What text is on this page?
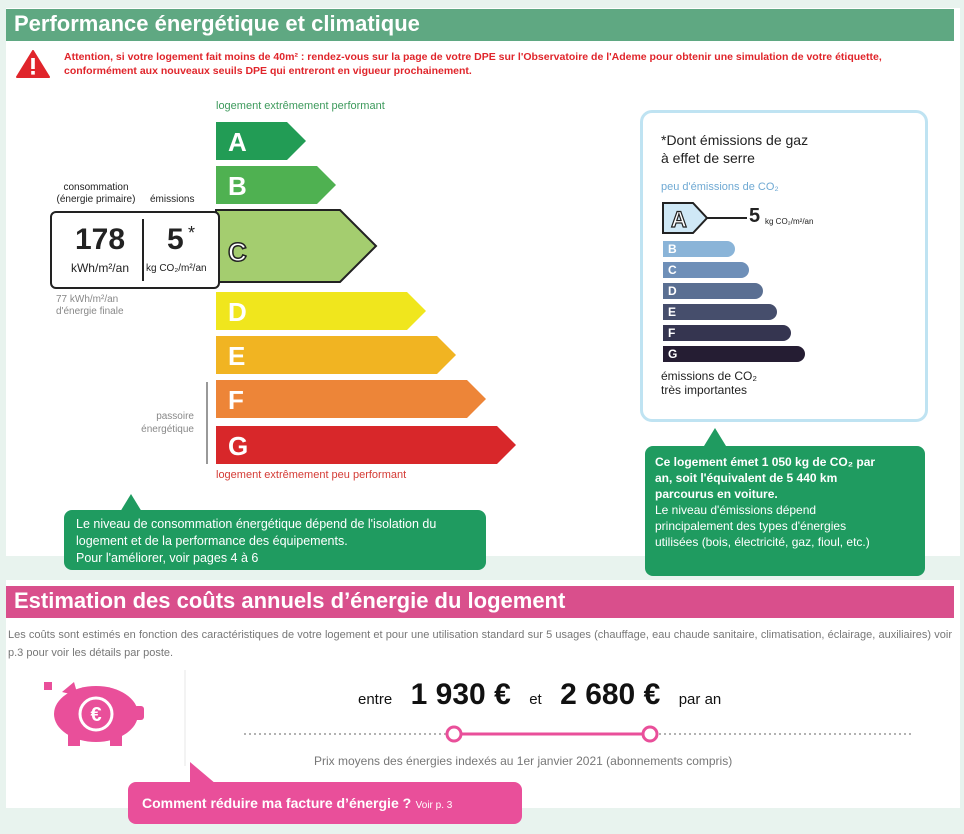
Performance énergétique et climatique
Attention, si votre logement fait moins de 40m² : rendez-vous sur la page de votre DPE sur l'Observatoire de l'Ademe pour obtenir une simulation de votre étiquette, conformément aux nouveaux seuils DPE qui entreront en vigueur prochainement.
logement extrêmement performant
A
B
C
D
E
F
G
logement extrêmement peu performant
consommation
(énergie primaire) émissions
178
kWh/m²/an
5 *
kg CO₂/m²/an
77 kWh/m²/an
d'énergie finale
passoire
énergétique
Le niveau de consommation énergétique dépend de l'isolation du
logement et de la performance des équipements.
Pour l'améliorer, voir pages 4 à 6
*Dont émissions de gaz
à effet de serre
peu d'émissions de CO₂
A	5 kg CO₂/m²/an
B
C
D
E
F
G
émissions de CO₂
très importantes
Ce logement émet 1 050 kg de CO₂ par
an, soit l'équivalent de 5 440 km
parcourus en voiture.
Le niveau d'émissions dépend
principalement des types d'énergies
utilisées (bois, électricité, gaz, fioul, etc.)
Estimation des coûts annuels d’énergie du logement
Les coûts sont estimés en fonction des caractéristiques de votre logement et pour une utilisation standard sur 5 usages (chauffage, eau chaude sanitaire, climatisation, éclairage, auxiliaires) voir p.3 pour voir les détails par poste.
€
entre 1 930 € et 2 680 € par an
Prix moyens des énergies indexés au 1er janvier 2021 (abonnements compris)
Comment réduire ma facture d’énergie ? Voir p. 3
